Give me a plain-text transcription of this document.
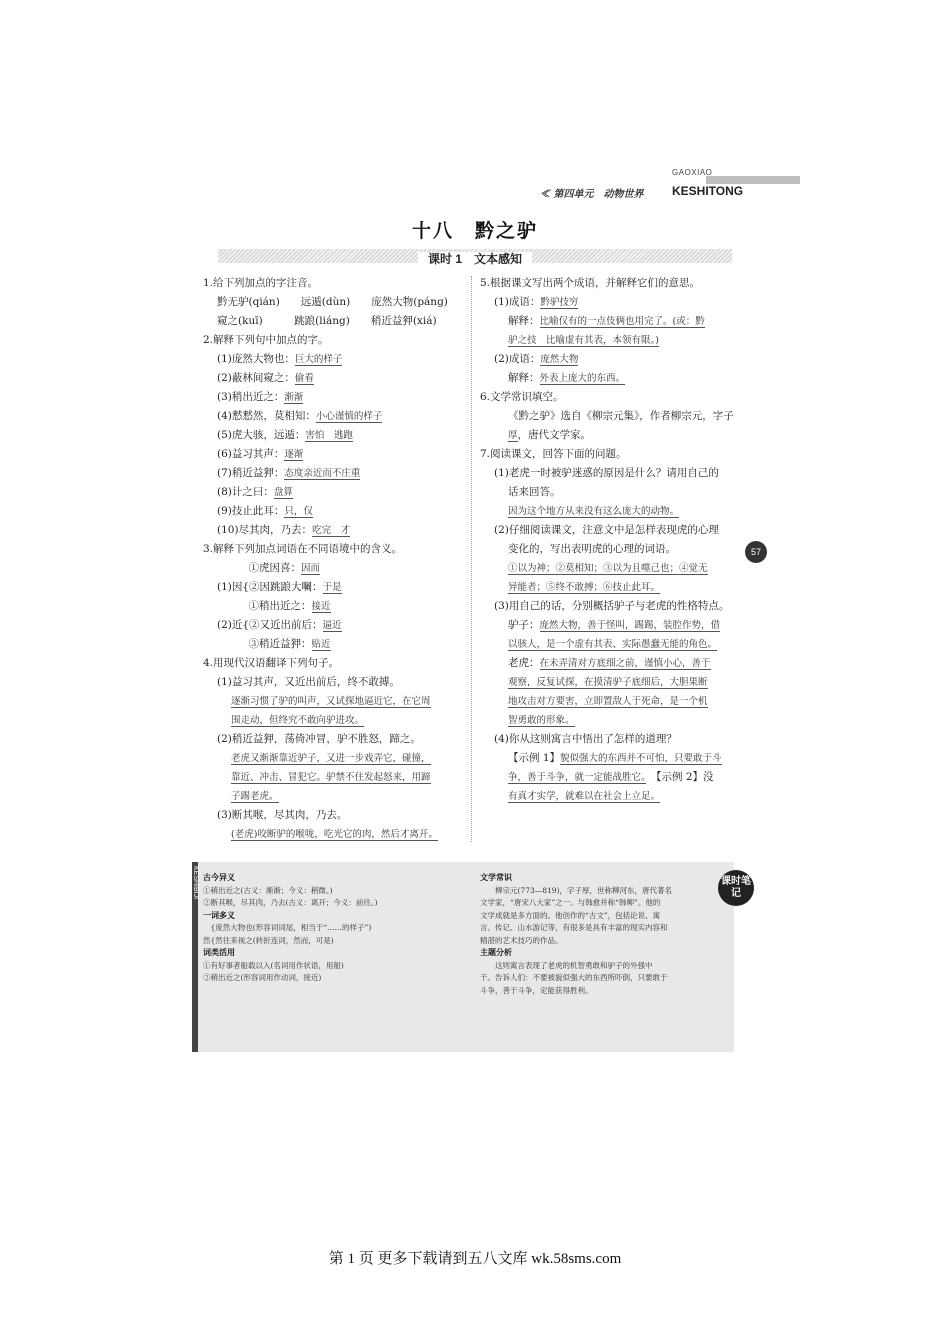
GAOXIAO
KESHITONG
≪ 第四单元　动物世界
十八　黔之驴
课时 1　文本感知
1.给下列加点的字注音。
黔无驴(qián)　　远遁(dùn)　　庞然大物(páng)
窥之(kuī)　　　跳踉(liáng)　　稍近益狎(xiá)
2.解释下列句中加点的字。
(1)庞然大物也：巨大的样子
(2)蔽林间窥之：偷看
(3)稍出近之：渐渐
(4)慭慭然，莫相知：小心谨慎的样子
(5)虎大骇，远遁：害怕　逃跑
(6)益习其声：逐渐
(7)稍近益狎：态度亲近而不庄重
(8)计之曰：盘算
(9)技止此耳：只，仅
(10)尽其肉，乃去：吃完　才
3.解释下列加点词语在不同语境中的含义。
　　　①虎因喜：因而
(1)因{②因跳踉大㘎：于是
　　　①稍出近之：接近
(2)近{②又近出前后：逼近
　　　③稍近益狎：贴近
4.用现代汉语翻译下列句子。
(1)益习其声，又近出前后，终不敢搏。
逐渐习惯了驴的叫声，又试探地逼近它，在它周
围走动，但终究不敢向驴进攻。
(2)稍近益狎，荡倚冲冒，驴不胜怒，蹄之。
老虎又渐渐靠近驴子，又进一步戏弄它，碰撞，
靠近、冲击、冒犯它。驴禁不住发起怒来，用蹄
子踢老虎。
(3)断其喉，尽其肉，乃去。
(老虎)咬断驴的喉咙，吃光它的肉，然后才离开。
5.根据课文写出两个成语，并解释它们的意思。
(1)成语：黔驴技穷
解释：比喻仅有的一点伎俩也用完了。(或：黔
驴之技　比喻虚有其表，本领有限。)
(2)成语：庞然大物
解释：外表上庞大的东西。
6.文学常识填空。
《黔之驴》选自《柳宗元集》，作者柳宗元，字子
厚，唐代文学家。
7.阅读课文，回答下面的问题。
(1)老虎一时被驴迷惑的原因是什么？请用自己的
话来回答。
因为这个地方从来没有这么庞大的动物。
(2)仔细阅读课文，注意文中是怎样表现虎的心理
变化的，写出表明虎的心理的词语。
①以为神；②莫相知；③以为且噬己也；④觉无
异能者；⑤终不敢搏；⑥技止此耳。
(3)用自己的话，分别概括驴子与老虎的性格特点。
驴子：庞然大物，善于怪叫，踢踢，装腔作势，借
以骇人，是一个虚有其表、实际愚蠢无能的角色。
老虎：在未弄清对方底细之前，谨慎小心，善于
观察，反复试探，在摸清驴子底细后，大胆果断
地攻击对方要害，立即置敌人于死命，是一个机
智勇敢的形象。
(4)你从这则寓言中悟出了怎样的道理？
【示例 1】貌似强大的东西并不可怕，只要敢于斗
争，善于斗争，就一定能战胜它。　【示例 2】没
有真才实学，就难以在社会上立足。
57
KESHIBIJI 古今异义
①稍出近之(古义：渐渐；今义：稍微。)
②断其喉，尽其肉，乃去(古义：离开；今义：前往。)
一词多义
　{庞然大物也(形容词词尾，相当于“……的样子”)
然{然往来视之(转折连词，然而，可是)
词类活用
①有好事者船载以入(名词用作状语，用船)
②稍出近之(形容词用作动词，接近)
文学常识
　　柳宗元(773—819)，字子厚，世称柳河东，唐代著名
文学家，“唐宋八大家”之一。与韩愈并称“韩柳”。他的
文学成就是多方面的。他创作的“古文”，包括论说、寓
言、传记、山水游记等，有很多是具有丰富的现实内容和
精湛的艺术技巧的作品。
主题分析
　　这则寓言表现了老虎的机智勇敢和驴子的外强中
干。告诉人们：不要被貌似强大的东西所吓倒，只要敢于
斗争，善于斗争，定能获得胜利。
课时笔记
第 1 页 更多下载请到五八文库 wk.58sms.com
